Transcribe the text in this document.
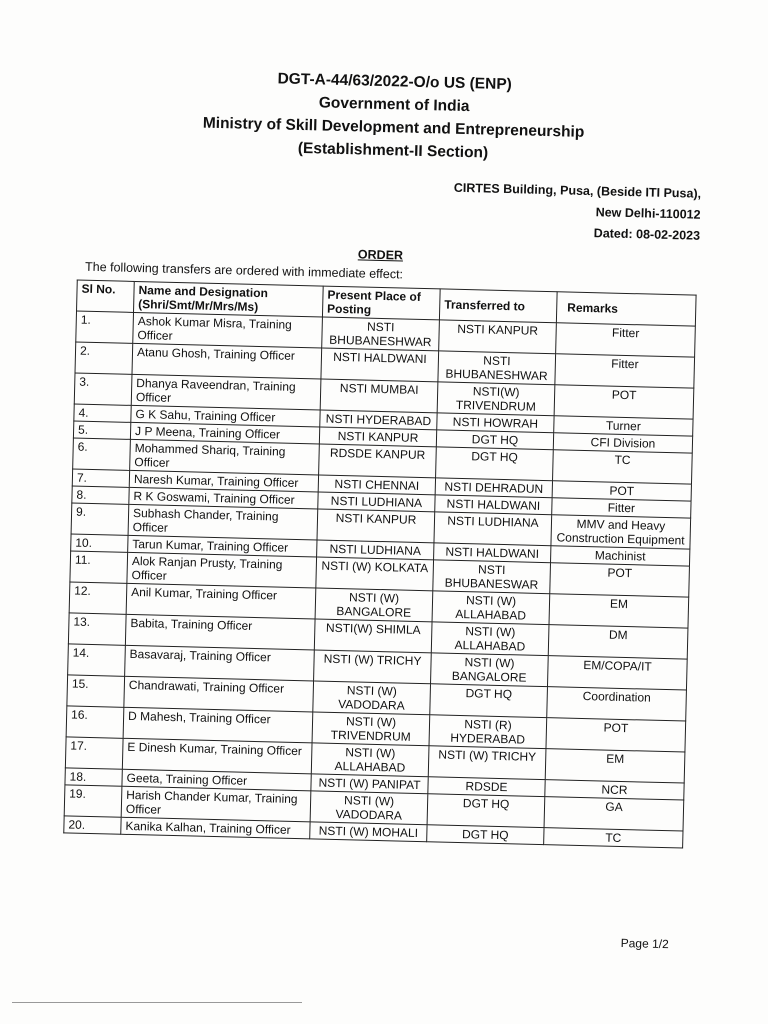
DGT-A-44/63/2022-O/o US (ENP)
Government of India
Ministry of Skill Development and Entrepreneurship
(Establishment-II Section)
CIRTES Building, Pusa, (Beside ITI Pusa),
New Delhi-110012
Dated: 08-02-2023
ORDER
The following transfers are ordered with immediate effect:
Sl No.	Name and Designation (Shri/Smt/Mr/Mrs/Ms)	Present Place of Posting	Transferred to	Remarks
1.	Ashok Kumar Misra, Training Officer	NSTI BHUBANESHWAR	NSTI KANPUR	Fitter
2.	Atanu Ghosh, Training Officer	NSTI HALDWANI	NSTI BHUBANESHWAR	Fitter
3.	Dhanya Raveendran, Training Officer	NSTI MUMBAI	NSTI(W) TRIVENDRUM	POT
4.	G K Sahu, Training Officer	NSTI HYDERABAD	NSTI HOWRAH	Turner
5.	J P Meena, Training Officer	NSTI KANPUR	DGT HQ	CFI Division
6.	Mohammed Shariq, Training Officer	RDSDE KANPUR	DGT HQ	TC
7.	Naresh Kumar, Training Officer	NSTI CHENNAI	NSTI DEHRADUN	POT
8.	R K Goswami, Training Officer	NSTI LUDHIANA	NSTI HALDWANI	Fitter
9.	Subhash Chander, Training Officer	NSTI KANPUR	NSTI LUDHIANA	MMV and Heavy Construction Equipment
10.	Tarun Kumar, Training Officer	NSTI LUDHIANA	NSTI HALDWANI	Machinist
11.	Alok Ranjan Prusty, Training Officer	NSTI (W) KOLKATA	NSTI BHUBANESWAR	POT
12.	Anil Kumar, Training Officer	NSTI (W) BANGALORE	NSTI (W) ALLAHABAD	EM
13.	Babita, Training Officer	NSTI(W) SHIMLA	NSTI (W) ALLAHABAD	DM
14.	Basavaraj, Training Officer	NSTI (W) TRICHY	NSTI (W) BANGALORE	EM/COPA/IT
15.	Chandrawati, Training Officer	NSTI (W) VADODARA	DGT HQ	Coordination
16.	D Mahesh, Training Officer	NSTI (W) TRIVENDRUM	NSTI (R) HYDERABAD	POT
17.	E Dinesh Kumar, Training Officer	NSTI (W) ALLAHABAD	NSTI (W) TRICHY	EM
18.	Geeta, Training Officer	NSTI (W) PANIPAT	RDSDE	NCR
19.	Harish Chander Kumar, Training Officer	NSTI (W) VADODARA	DGT HQ	GA
20.	Kanika Kalhan, Training Officer	NSTI (W) MOHALI	DGT HQ	TC
Page 1/2
